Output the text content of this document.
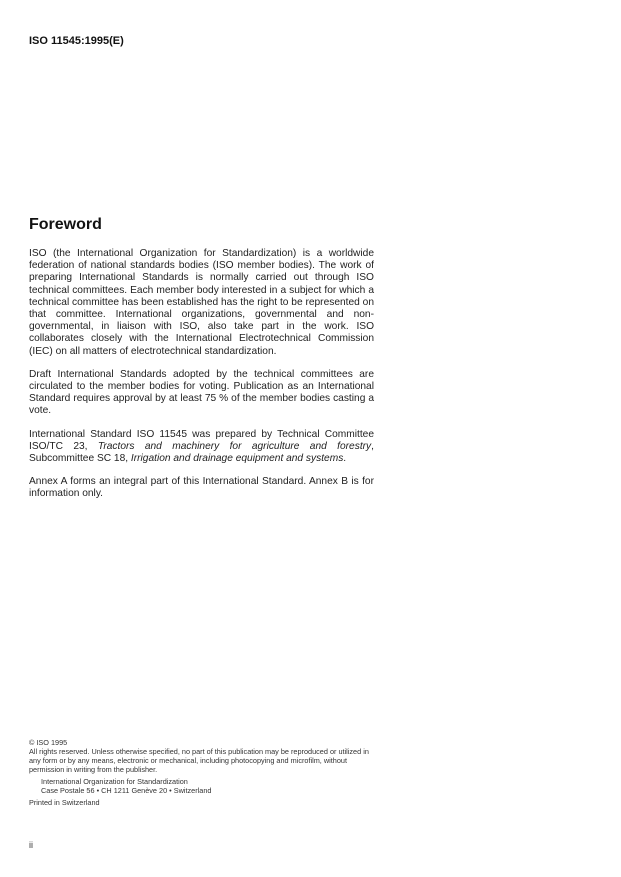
ISO 11545:1995(E)
Foreword

ISO (the International Organization for Standardization) is a worldwide federation of national standards bodies (ISO member bodies). The work of preparing International Standards is normally carried out through ISO technical committees. Each member body interested in a subject for which a technical committee has been established has the right to be represented on that committee. International organizations, governmental and non-governmental, in liaison with ISO, also take part in the work. ISO collaborates closely with the International Electrotechnical Commission (IEC) on all matters of electrotechnical standardization.

Draft International Standards adopted by the technical committees are circulated to the member bodies for voting. Publication as an International Standard requires approval by at least 75 % of the member bodies casting a vote.

International Standard ISO 11545 was prepared by Technical Committee ISO/TC 23, Tractors and machinery for agriculture and forestry, Subcommittee SC 18, Irrigation and drainage equipment and systems.

Annex A forms an integral part of this International Standard. Annex B is for information only.

© ISO 1995
All rights reserved. Unless otherwise specified, no part of this publication may be reproduced or utilized in any form or by any means, electronic or mechanical, including photocopying and microfilm, without permission in writing from the publisher.
International Organization for Standardization
Case Postale 56 • CH 1211 Genève 20 • Switzerland
Printed in Switzerland
ii
